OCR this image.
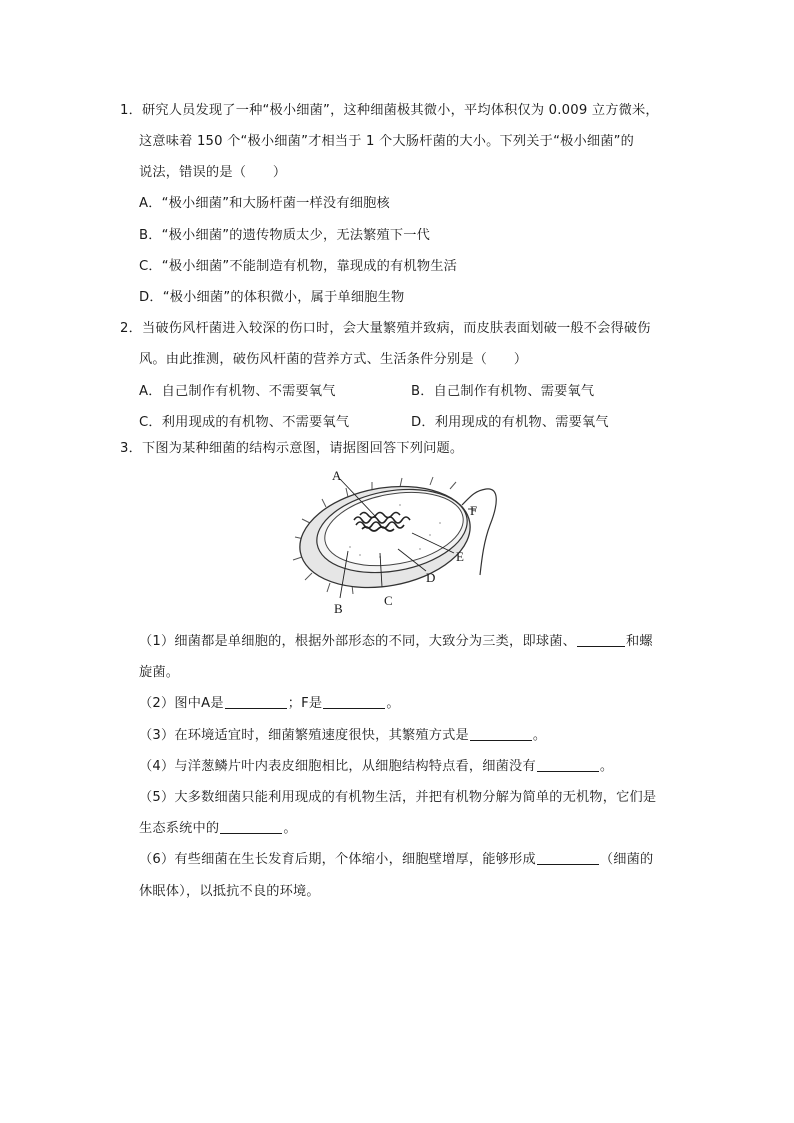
1．研究人员发现了一种“极小细菌”，这种细菌极其微小，平均体积仅为 0.009 立方微米，
这意味着 150 个“极小细菌”才相当于 1 个大肠杆菌的大小。下列关于“极小细菌”的
说法，错误的是（　　）
A．“极小细菌”和大肠杆菌一样没有细胞核
B．“极小细菌”的遗传物质太少，无法繁殖下一代
C．“极小细菌”不能制造有机物，靠现成的有机物生活
D．“极小细菌”的体积微小，属于单细胞生物
2．当破伤风杆菌进入较深的伤口时，会大量繁殖并致病，而皮肤表面划破一般不会得破伤
风。由此推测，破伤风杆菌的营养方式、生活条件分别是（　　）
A．自己制作有机物、不需要氧气	B．自己制作有机物、需要氧气
C．利用现成的有机物、不需要氧气	D．利用现成的有机物、需要氧气
3．下图为某种细菌的结构示意图，请据图回答下列问题。
A
F
E
D
C
B
（1）细菌都是单细胞的，根据外部形态的不同，大致分为三类，即球菌、	和螺
旋菌。
（2）图中A是	；F是	。
（3）在环境适宜时，细菌繁殖速度很快，其繁殖方式是	。
（4）与洋葱鳞片叶内表皮细胞相比，从细胞结构特点看，细菌没有	。
（5）大多数细菌只能利用现成的有机物生活，并把有机物分解为简单的无机物，它们是
生态系统中的	。
（6）有些细菌在生长发育后期，个体缩小，细胞壁增厚，能够形成	（细菌的
休眠体），以抵抗不良的环境。
